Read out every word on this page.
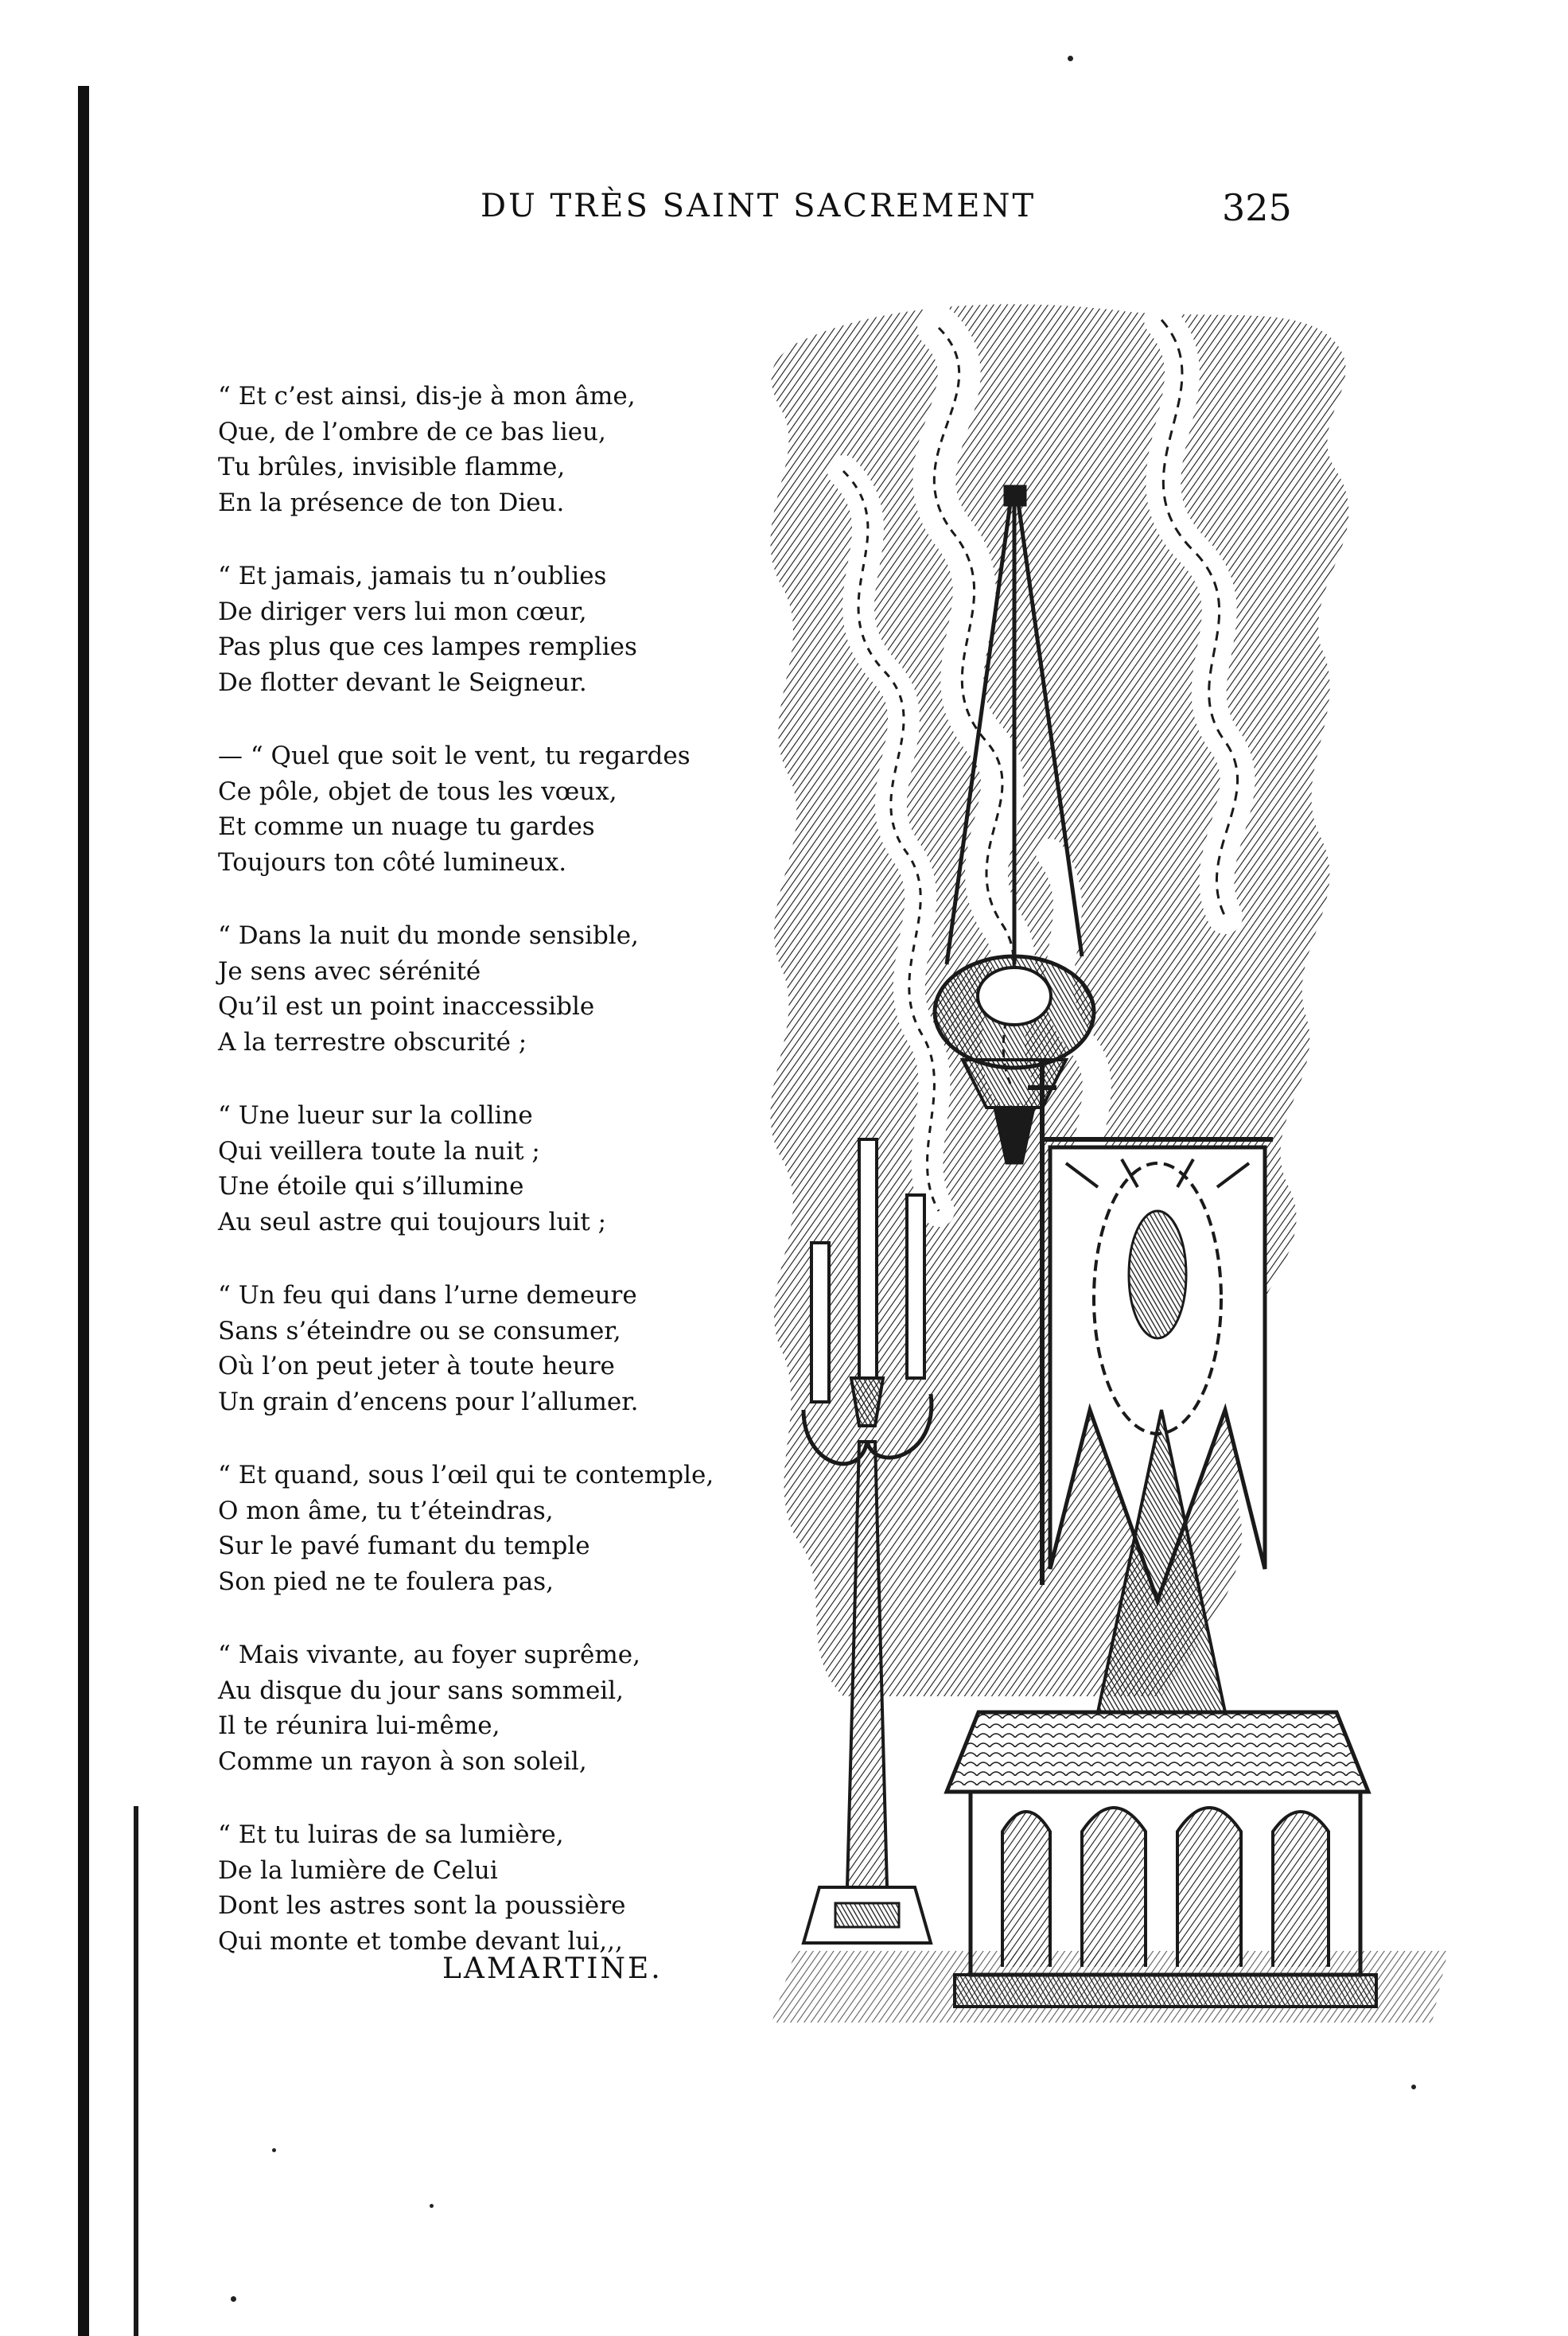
DU TRÈS SAINT SACREMENT	325
“ Et c’est ainsi, dis-je à mon âme,
Que, de l’ombre de ce bas lieu,
Tu brûles, invisible flamme,
En la présence de ton Dieu.
“ Et jamais, jamais tu n’oublies
De diriger vers lui mon cœur,
Pas plus que ces lampes remplies
De flotter devant le Seigneur.
— “ Quel que soit le vent, tu regardes
Ce pôle, objet de tous les vœux,
Et comme un nuage tu gardes
Toujours ton côté lumineux.
“ Dans la nuit du monde sensible,
Je sens avec sérénité
Qu’il est un point inaccessible
A la terrestre obscurité ;
“ Une lueur sur la colline
Qui veillera toute la nuit ;
Une étoile qui s’illumine
Au seul astre qui toujours luit ;
“ Un feu qui dans l’urne demeure
Sans s’éteindre ou se consumer,
Où l’on peut jeter à toute heure
Un grain d’encens pour l’allumer.
“ Et quand, sous l’œil qui te contemple,
O mon âme, tu t’éteindras,
Sur le pavé fumant du temple
Son pied ne te foulera pas,
“ Mais vivante, au foyer suprême,
Au disque du jour sans sommeil,
Il te réunira lui-même,
Comme un rayon à son soleil,
“ Et tu luiras de sa lumière,
De la lumière de Celui
Dont les astres sont la poussière
Qui monte et tombe devant lui,,,
LAMARTINE.
